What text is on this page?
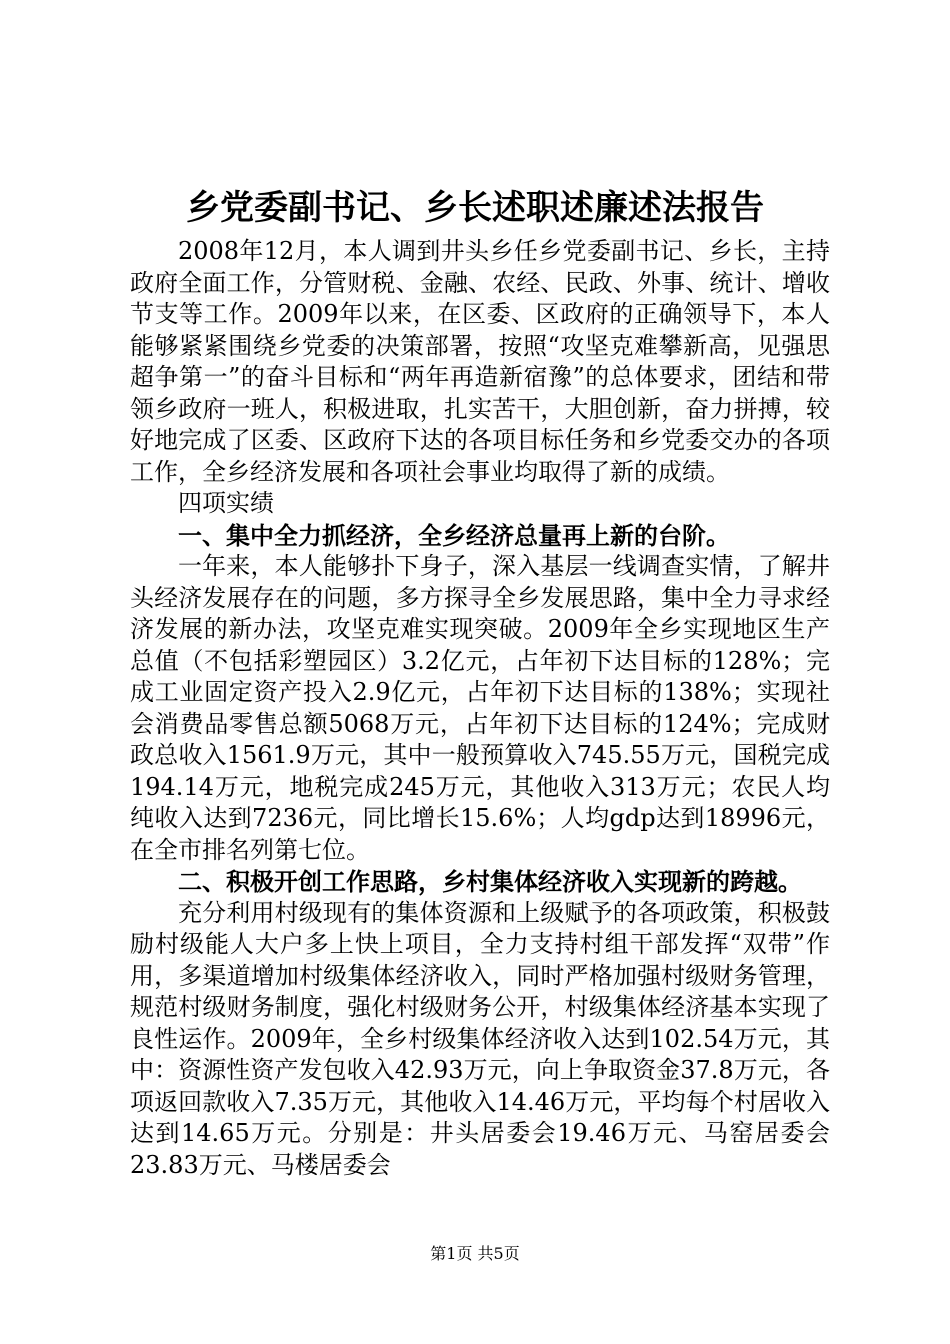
乡党委副书记、乡长述职述廉述法报告

2008年12月，本人调到井头乡任乡党委副书记、乡长，主持政府全面工作，分管财税、金融、农经、民政、外事、统计、增收节支等工作。2009年以来，在区委、区政府的正确领导下，本人能够紧紧围绕乡党委的决策部署，按照“攻坚克难攀新高，见强思超争第一”的奋斗目标和“两年再造新宿豫”的总体要求，团结和带领乡政府一班人，积极进取，扎实苦干，大胆创新，奋力拼搏，较好地完成了区委、区政府下达的各项目标任务和乡党委交办的各项工作，全乡经济发展和各项社会事业均取得了新的成绩。

四项实绩

一、集中全力抓经济，全乡经济总量再上新的台阶。

一年来，本人能够扑下身子，深入基层一线调查实情，了解井头经济发展存在的问题，多方探寻全乡发展思路，集中全力寻求经济发展的新办法，攻坚克难实现突破。2009年全乡实现地区生产总值（不包括彩塑园区）3.2亿元，占年初下达目标的128%；完成工业固定资产投入2.9亿元，占年初下达目标的138%；实现社会消费品零售总额5068万元，占年初下达目标的124%；完成财政总收入1561.9万元，其中一般预算收入745.55万元，国税完成194.14万元，地税完成245万元，其他收入313万元；农民人均纯收入达到7236元，同比增长15.6%；人均gdp达到18996元，在全市排名列第七位。

二、积极开创工作思路，乡村集体经济收入实现新的跨越。

充分利用村级现有的集体资源和上级赋予的各项政策，积极鼓励村级能人大户多上快上项目，全力支持村组干部发挥“双带”作用，多渠道增加村级集体经济收入，同时严格加强村级财务管理，规范村级财务制度，强化村级财务公开，村级集体经济基本实现了良性运作。2009年，全乡村级集体经济收入达到102.54万元，其中：资源性资产发包收入42.93万元，向上争取资金37.8万元，各项返回款收入7.35万元，其他收入14.46万元，平均每个村居收入达到14.65万元。分别是：井头居委会19.46万元、马窑居委会23.83万元、马楼居委会

第1页 共5页
